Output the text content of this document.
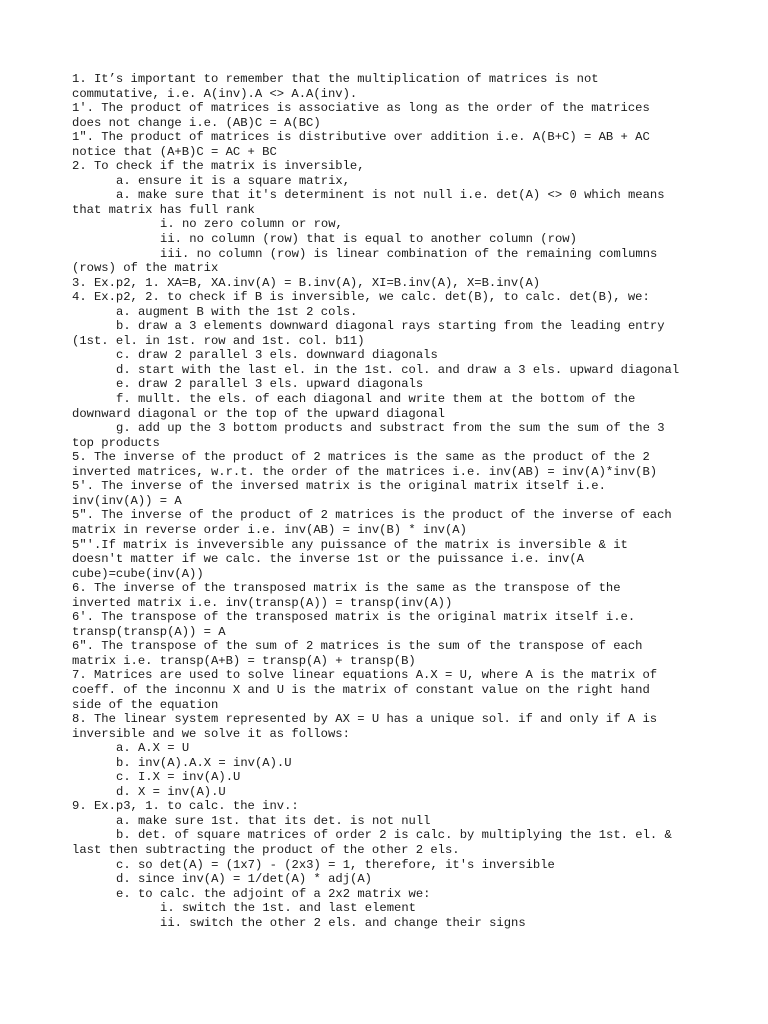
1. It’s important to remember that the multiplication of matrices is not
commutative, i.e. A(inv).A <> A.A(inv).
1'. The product of matrices is associative as long as the order of the matrices
does not change i.e. (AB)C = A(BC)
1". The product of matrices is distributive over addition i.e. A(B+C) = AB + AC
notice that (A+B)C = AC + BC
2. To check if the matrix is inversible,
a. ensure it is a square matrix,
a. make sure that it's determinent is not null i.e. det(A) <> 0 which means
that matrix has full rank
i. no zero column or row,
ii. no column (row) that is equal to another column (row)
iii. no column (row) is linear combination of the remaining comlumns
(rows) of the matrix
3. Ex.p2, 1. XA=B, XA.inv(A) = B.inv(A), XI=B.inv(A), X=B.inv(A)
4. Ex.p2, 2. to check if B is inversible, we calc. det(B), to calc. det(B), we:
a. augment B with the 1st 2 cols.
b. draw a 3 elements downward diagonal rays starting from the leading entry
(1st. el. in 1st. row and 1st. col. b11)
c. draw 2 parallel 3 els. downward diagonals
d. start with the last el. in the 1st. col. and draw a 3 els. upward diagonal
e. draw 2 parallel 3 els. upward diagonals
f. mullt. the els. of each diagonal and write them at the bottom of the
downward diagonal or the top of the upward diagonal
g. add up the 3 bottom products and substract from the sum the sum of the 3
top products
5. The inverse of the product of 2 matrices is the same as the product of the 2
inverted matrices, w.r.t. the order of the matrices i.e. inv(AB) = inv(A)*inv(B)
5'. The inverse of the inversed matrix is the original matrix itself i.e.
inv(inv(A)) = A
5". The inverse of the product of 2 matrices is the product of the inverse of each
matrix in reverse order i.e. inv(AB) = inv(B) * inv(A)
5"'.If matrix is inveversible any puissance of the matrix is inversible & it
doesn't matter if we calc. the inverse 1st or the puissance i.e. inv(A
cube)=cube(inv(A))
6. The inverse of the transposed matrix is the same as the transpose of the
inverted matrix i.e. inv(transp(A)) = transp(inv(A))
6'. The transpose of the transposed matrix is the original matrix itself i.e.
transp(transp(A)) = A
6". The transpose of the sum of 2 matrices is the sum of the transpose of each
matrix i.e. transp(A+B) = transp(A) + transp(B)
7. Matrices are used to solve linear equations A.X = U, where A is the matrix of
coeff. of the inconnu X and U is the matrix of constant value on the right hand
side of the equation
8. The linear system represented by AX = U has a unique sol. if and only if A is
inversible and we solve it as follows:
a. A.X = U
b. inv(A).A.X = inv(A).U
c. I.X = inv(A).U
d. X = inv(A).U
9. Ex.p3, 1. to calc. the inv.:
a. make sure 1st. that its det. is not null
b. det. of square matrices of order 2 is calc. by multiplying the 1st. el. &
last then subtracting the product of the other 2 els.
c. so det(A) = (1x7) - (2x3) = 1, therefore, it's inversible
d. since inv(A) = 1/det(A) * adj(A)
e. to calc. the adjoint of a 2x2 matrix we:
i. switch the 1st. and last element
ii. switch the other 2 els. and change their signs
